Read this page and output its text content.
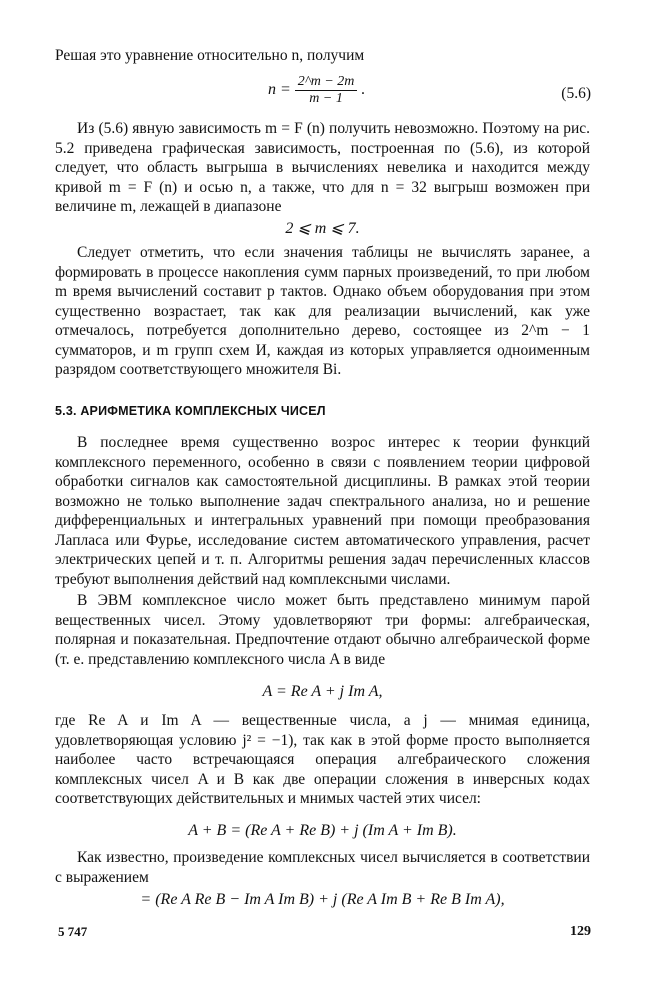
Решая это уравнение относительно n, получим

$n = \frac{2\^{}m - 2m}{m - 1}$ .	(5.6)

Из (5.6) явную зависимость m = F (n) получить невозможно. Поэтому на рис. 5.2 приведена графическая зависимость, построенная по (5.6), из которой следует, что область выгрыша в вычислениях невелика и находится между кривой m = F (n) и осью n, а также, что для n = 32 выгрыш возможен при величине m, лежащей в диапазоне

2 ⩽ m ⩽ 7.

Следует отметить, что если значения таблицы не вычислять заранее, а формировать в процессе накопления сумм парных произведений, то при любом m время вычислений составит p тактов. Однако объем оборудования при этом существенно возрастает, так как для реализации вычислений, как уже отмечалось, потребуется дополнительно дерево, состоящее из 2^m − 1 сумматоров, и m групп схем И, каждая из которых управляется одноименным разрядом соответствующего множителя Bi.

5.3. АРИФМЕТИКА КОМПЛЕКСНЫХ ЧИСЕЛ

В последнее время существенно возрос интерес к теории функций комплексного переменного, особенно в связи с появлением теории цифровой обработки сигналов как самостоятельной дисциплины. В рамках этой теории возможно не только выполнение задач спектрального анализа, но и решение дифференциальных и интегральных уравнений при помощи преобразования Лапласа или Фурье, исследование систем автоматического управления, расчет электрических цепей и т. п. Алгоритмы решения задач перечисленных классов требуют выполнения действий над комплексными числами.

В ЭВМ комплексное число может быть представлено минимум парой вещественных чисел. Этому удовлетворяют три формы: алгебраическая, полярная и показательная. Предпочтение отдают обычно алгебраической форме (т. е. представлению комплексного числа A в виде

A = Re A + j Im A,

где Re A и Im A — вещественные числа, а j — мнимая единица, удовлетворяющая условию j² = −1), так как в этой форме просто выполняется наиболее часто встречающаяся операция алгебраического сложения комплексных чисел A и B как две операции сложения в инверсных кодах соответствующих действительных и мнимых частей этих чисел:

A + B = (Re A + Re B) + j (Im A + Im B).

Как известно, произведение комплексных чисел вычисляется в соответствии с выражением

= (Re A Re B − Im A Im B) + j (Re A Im B + Re B Im A),
5 747	129
